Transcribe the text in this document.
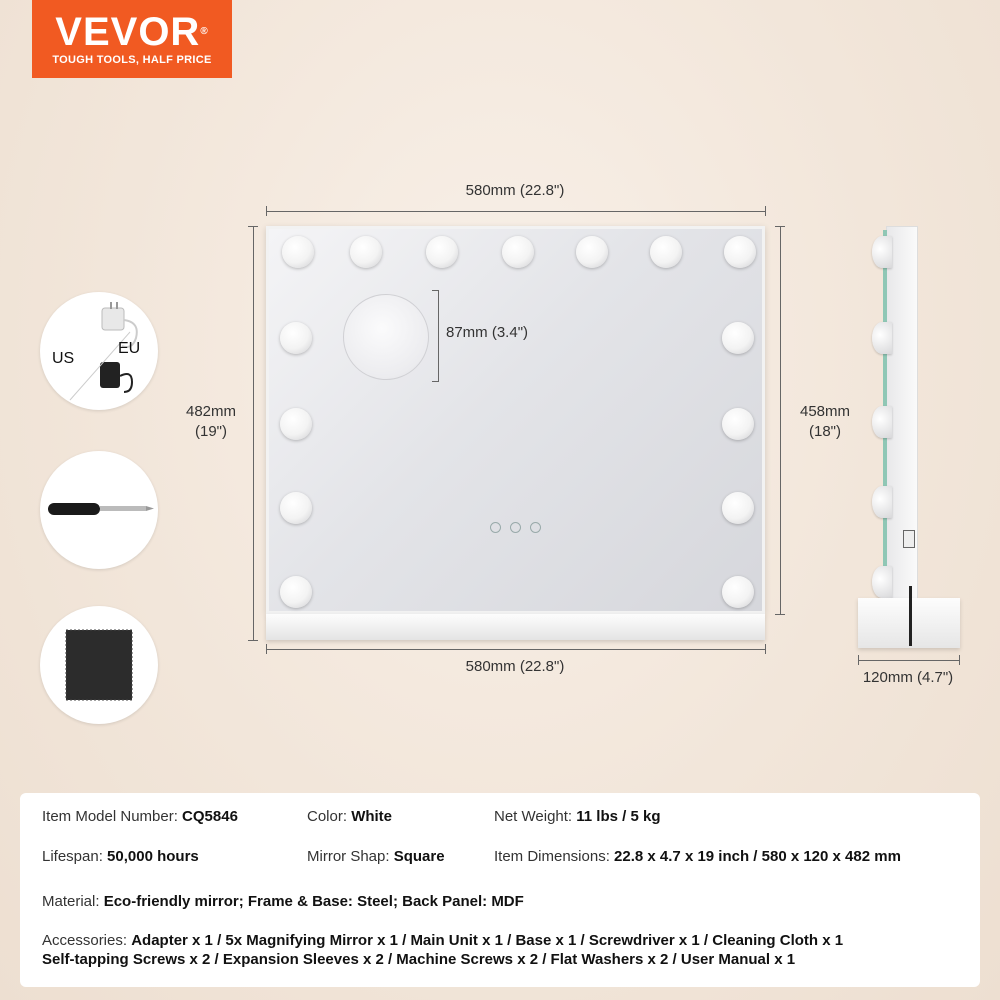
VEVOR®
TOUGH TOOLS, HALF PRICE
US
EU
580mm (22.8")
482mm
(19")
458mm
(18")
87mm (3.4")
580mm (22.8")
120mm (4.7")
Item Model Number: CQ5846	Color: White	Net Weight: 11 lbs / 5 kg
Lifespan: 50,000 hours	Mirror Shap: Square	Item Dimensions: 22.8 x 4.7 x 19 inch / 580 x 120 x 482 mm
Material: Eco-friendly mirror; Frame & Base: Steel; Back Panel: MDF
Accessories: Adapter x 1 / 5x Magnifying Mirror x 1 / Main Unit x 1 / Base x 1 / Screwdriver x 1 / Cleaning Cloth x 1
Self-tapping Screws x 2 / Expansion Sleeves x 2 / Machine Screws x 2 / Flat Washers x 2 / User Manual x 1
